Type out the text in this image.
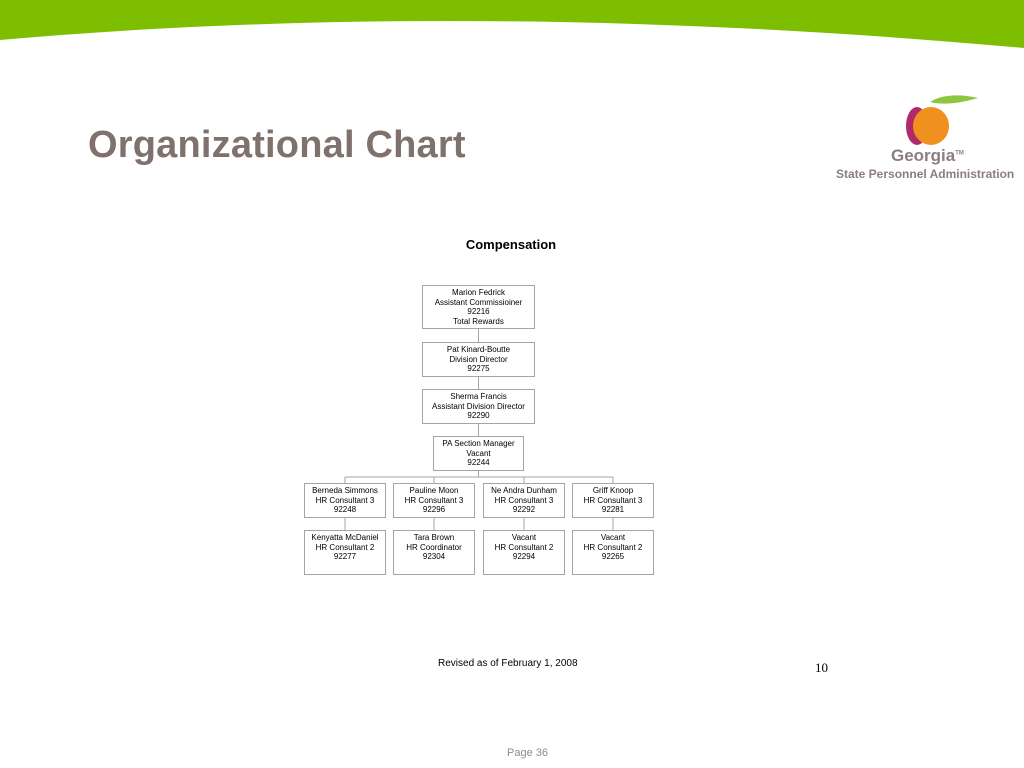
Organizational Chart	Georgia™
State Personnel Administration
Compensation
Marion Fedrick
Assistant Commissioiner
92216
Total Rewards
Pat Kinard-Boutte
Division Director
92275
Sherma Francis
Assistant Division Director
92290
PA Section Manager
Vacant
92244
Berneda Simmons
HR Consultant 3
92248
Kenyatta McDaniel
HR Consultant 2
92277
Pauline Moon
HR Consultant 3
92296
Tara Brown
HR Coordinator
92304
Ne Andra Dunham
HR Consultant 3
92292
Vacant
HR Consultant 2
92294
Griff Knoop
HR Consultant 3
92281
Vacant
HR Consultant 2
92265
Revised as of February 1, 2008	10
Page 36
